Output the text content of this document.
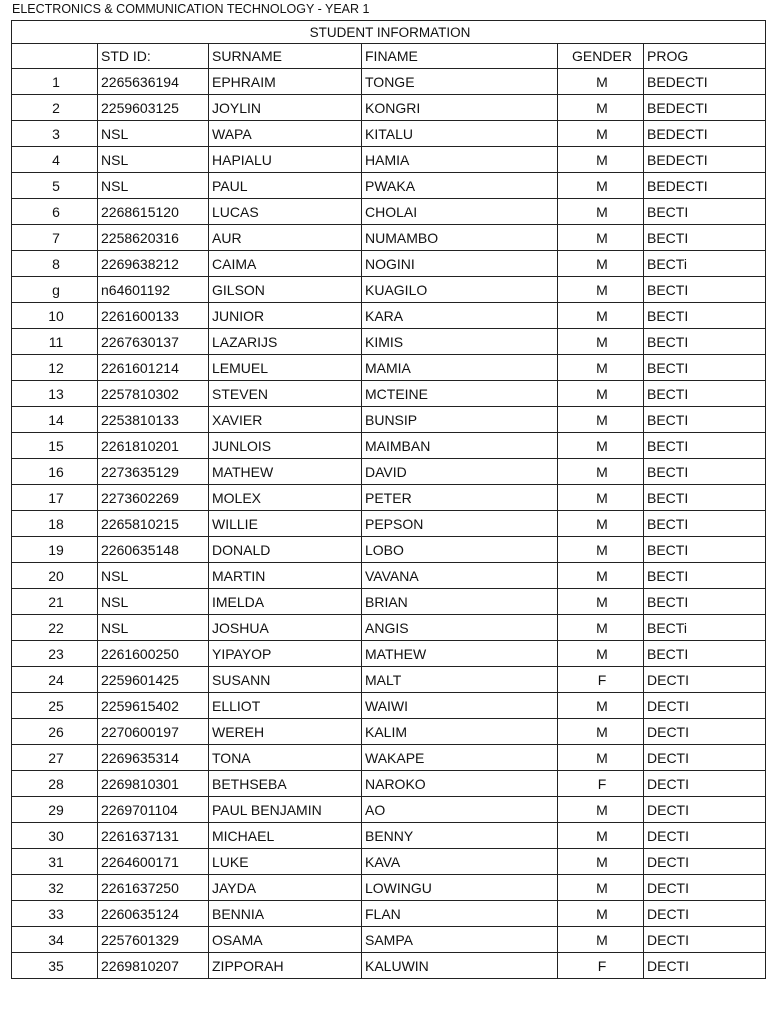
ELECTRONICS & COMMUNICATION TECHNOLOGY - YEAR 1
STUDENT INFORMATION					
	STD ID:	SURNAME	FINAME	GENDER	PROG
1	2265636194	EPHRAIM	TONGE	M	BEDECTI
2	2259603125	JOYLIN	KONGRI	M	BEDECTI
3	NSL	WAPA	KITALU	M	BEDECTI
4	NSL	HAPIALU	HAMIA	M	BEDECTI
5	NSL	PAUL	PWAKA	M	BEDECTI
6	2268615120	LUCAS	CHOLAI	M	BECTI
7	2258620316	AUR	NUMAMBO	M	BECTI
8	2269638212	CAIMA	NOGINI	M	BECTi
g	n64601192	GILSON	KUAGILO	M	BECTI
10	2261600133	JUNIOR	KARA	M	BECTI
11	2267630137	LAZARIJS	KIMIS	M	BECTI
12	2261601214	LEMUEL	MAMIA	M	BECTI
13	2257810302	STEVEN	MCTEINE	M	BECTI
14	2253810133	XAVIER	BUNSIP	M	BECTI
15	2261810201	JUNLOIS	MAIMBAN	M	BECTI
16	2273635129	MATHEW	DAVID	M	BECTI
17	2273602269	MOLEX	PETER	M	BECTI
18	2265810215	WILLIE	PEPSON	M	BECTI
19	2260635148	DONALD	LOBO	M	BECTI
20	NSL	MARTIN	VAVANA	M	BECTI
21	NSL	IMELDA	BRIAN	M	BECTI
22	NSL	JOSHUA	ANGIS	M	BECTi
23	2261600250	YIPAYOP	MATHEW	M	BECTI
24	2259601425	SUSANN	MALT	F	DECTI
25	2259615402	ELLIOT	WAIWI	M	DECTI
26	2270600197	WEREH	KALIM	M	DECTI
27	2269635314	TONA	WAKAPE	M	DECTI
28	2269810301	BETHSEBA	NAROKO	F	DECTI
29	2269701104	PAUL BENJAMIN	AO	M	DECTI
30	2261637131	MICHAEL	BENNY	M	DECTI
31	2264600171	LUKE	KAVA	M	DECTI
32	2261637250	JAYDA	LOWINGU	M	DECTI
33	2260635124	BENNIA	FLAN	M	DECTI
34	2257601329	OSAMA	SAMPA	M	DECTI
35	2269810207	ZIPPORAH	KALUWIN	F	DECTI
